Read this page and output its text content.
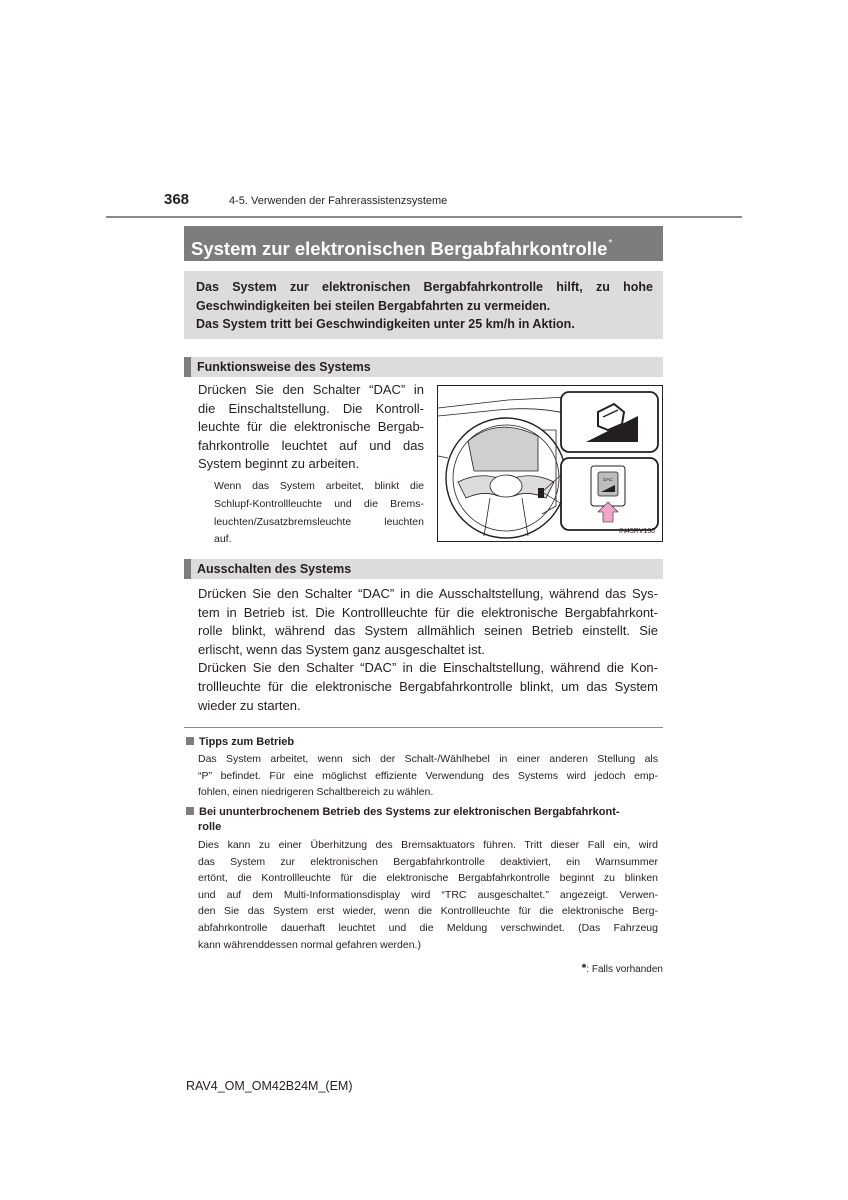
368	4-5. Verwenden der Fahrerassistenzsysteme
System zur elektronischen Bergabfahrkontrolle*
Das System zur elektronischen Bergabfahrkontrolle hilft, zu hohe
Geschwindigkeiten bei steilen Bergabfahrten zu vermeiden.
Das System tritt bei Geschwindigkeiten unter 25 km/h in Aktion.
Funktionsweise des Systems
Drücken Sie den Schalter “DAC” in
die Einschaltstellung. Die Kontroll-
leuchte für die elektronische Bergab-
fahrkontrolle leuchtet auf und das
System beginnt zu arbeiten.
Wenn das System arbeitet, blinkt die
Schlupf-Kontrollleuchte und die Brems-
leuchten/Zusatzbremsleuchte leuchten
auf.
DAC
IN45RV130
Ausschalten des Systems
Drücken Sie den Schalter “DAC” in die Ausschaltstellung, während das Sys-
tem in Betrieb ist. Die Kontrollleuchte für die elektronische Bergabfahrkont-
rolle blinkt, während das System allmählich seinen Betrieb einstellt. Sie
erlischt, wenn das System ganz ausgeschaltet ist.
Drücken Sie den Schalter “DAC” in die Einschaltstellung, während die Kon-
trollleuchte für die elektronische Bergabfahrkontrolle blinkt, um das System
wieder zu starten.
Tipps zum Betrieb
Das System arbeitet, wenn sich der Schalt-/Wählhebel in einer anderen Stellung als
“P” befindet. Für eine möglichst effiziente Verwendung des Systems wird jedoch emp-
fohlen, einen niedrigeren Schaltbereich zu wählen.
Bei ununterbrochenem Betrieb des Systems zur elektronischen Bergabfahrkont-
rolle
Dies kann zu einer Überhitzung des Bremsaktuators führen. Tritt dieser Fall ein, wird
das System zur elektronischen Bergabfahrkontrolle deaktiviert, ein Warnsummer
ertönt, die Kontrollleuchte für die elektronische Bergabfahrkontrolle beginnt zu blinken
und auf dem Multi-Informationsdisplay wird “TRC ausgeschaltet.” angezeigt. Verwen-
den Sie das System erst wieder, wenn die Kontrollleuchte für die elektronische Berg-
abfahrkontrolle dauerhaft leuchtet und die Meldung verschwindet. (Das Fahrzeug
kann währenddessen normal gefahren werden.)
*: Falls vorhanden
RAV4_OM_OM42B24M_(EM)
